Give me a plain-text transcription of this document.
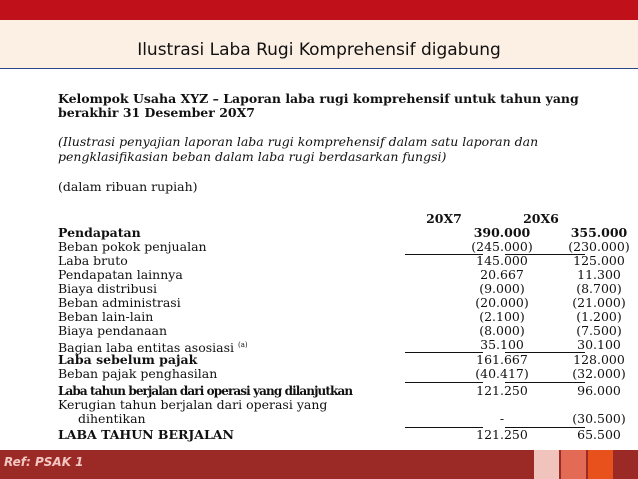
Ilustrasi Laba Rugi Komprehensif digabung
Kelompok Usaha XYZ – Laporan laba rugi komprehensif untuk tahun yang berakhir 31 Desember 20X7
(Ilustrasi penyajian laporan laba rugi komprehensif dalam satu laporan dan pengklasifikasian beban dalam laba rugi berdasarkan fungsi)
(dalam ribuan rupiah)
20X7	20X6
Pendapatan	390.000	355.000
Beban pokok penjualan	(245.000)	(230.000)
Laba bruto	145.000	125.000
Pendapatan lainnya	20.667	11.300
Biaya distribusi	(9.000)	(8.700)
Beban administrasi	(20.000)	(21.000)
Beban lain-lain	(2.100)	(1.200)
Biaya pendanaan	(8.000)	(7.500)
Bagian laba entitas asosiasi $^{(a)}$	35.100	30.100
Laba sebelum pajak	161.667	128.000
Beban pajak penghasilan	(40.417)	(32.000)
Laba tahun berjalan dari operasi yang dilanjutkan	121.250	96.000
Kerugian tahun berjalan dari operasi yang
dihentikan	-	(30.500)
LABA TAHUN BERJALAN	121.250	65.500
Ref: PSAK 1
